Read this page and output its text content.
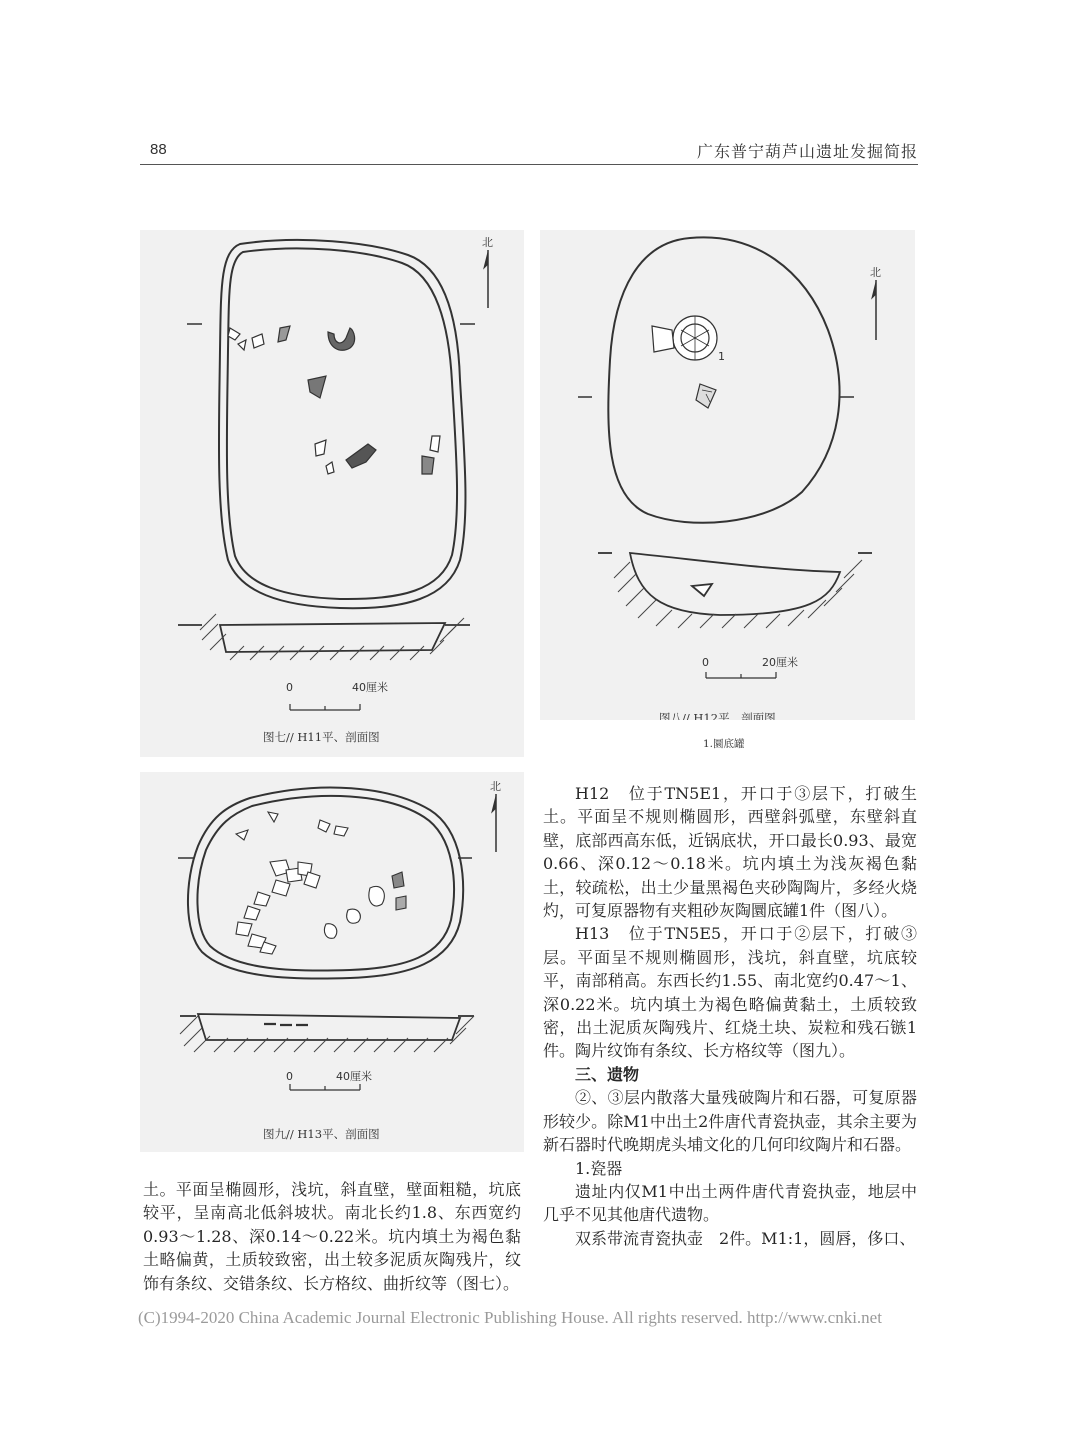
88	广东普宁葫芦山遗址发掘简报
北
0	40厘米
图七// H11平、剖面图
北
1
0	20厘米
图八// H12平、剖面图
1.圜底罐
北
0	40厘米
图九// H13平、剖面图

H12　位于TN5E1，开口于③层下，打破生土。平面呈不规则椭圆形，西壁斜弧壁，东壁斜直壁，底部西高东低，近锅底状，开口最长0.93、最宽0.66、深0.12～0.18米。坑内填土为浅灰褐色黏土，较疏松，出土少量黑褐色夹砂陶陶片，多经火烧灼，可复原器物有夹粗砂灰陶圜底罐1件（图八）。

H13　位于TN5E5，开口于②层下，打破③层。平面呈不规则椭圆形，浅坑，斜直壁，坑底较平，南部稍高。东西长约1.55、南北宽约0.47～1、深0.22米。坑内填土为褐色略偏黄黏土，土质较致密，出土泥质灰陶残片、红烧土块、炭粒和残石镞1件。陶片纹饰有条纹、长方格纹等（图九）。

三、遗物

②、③层内散落大量残破陶片和石器，可复原器形较少。除M1中出土2件唐代青瓷执壶，其余主要为新石器时代晚期虎头埔文化的几何印纹陶片和石器。

1.瓷器

遗址内仅M1中出土两件唐代青瓷执壶，地层中几乎不见其他唐代遗物。

双系带流青瓷执壶　2件。M1:1，圆唇，侈口、

土。平面呈椭圆形，浅坑，斜直壁，壁面粗糙，坑底较平，呈南高北低斜坡状。南北长约1.8、东西宽约0.93～1.28、深0.14～0.22米。坑内填土为褐色黏土略偏黄，土质较致密，出土较多泥质灰陶残片，纹饰有条纹、交错条纹、长方格纹、曲折纹等（图七）。

(C)1994-2020 China Academic Journal Electronic Publishing House. All rights reserved. http://www.cnki.net
